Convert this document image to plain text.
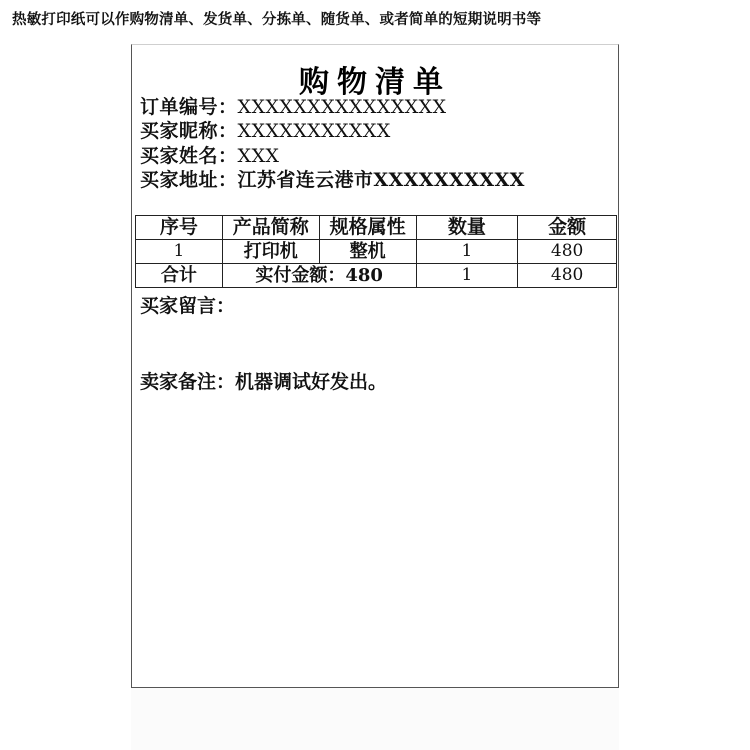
热敏打印纸可以作购物清单、发货单、分拣单、随货单、或者简单的短期说明书等
购物清单
订单编号：XXXXXXXXXXXXXXX
买家昵称：XXXXXXXXXXX
买家姓名：XXX
买家地址：江苏省连云港市XXXXXXXXXX
序号	产品简称	规格属性	数量	金额
1	打印机	整机	1	480
合计	实付金额：480		1	480
买家留言：
卖家备注：机器调试好发出。
